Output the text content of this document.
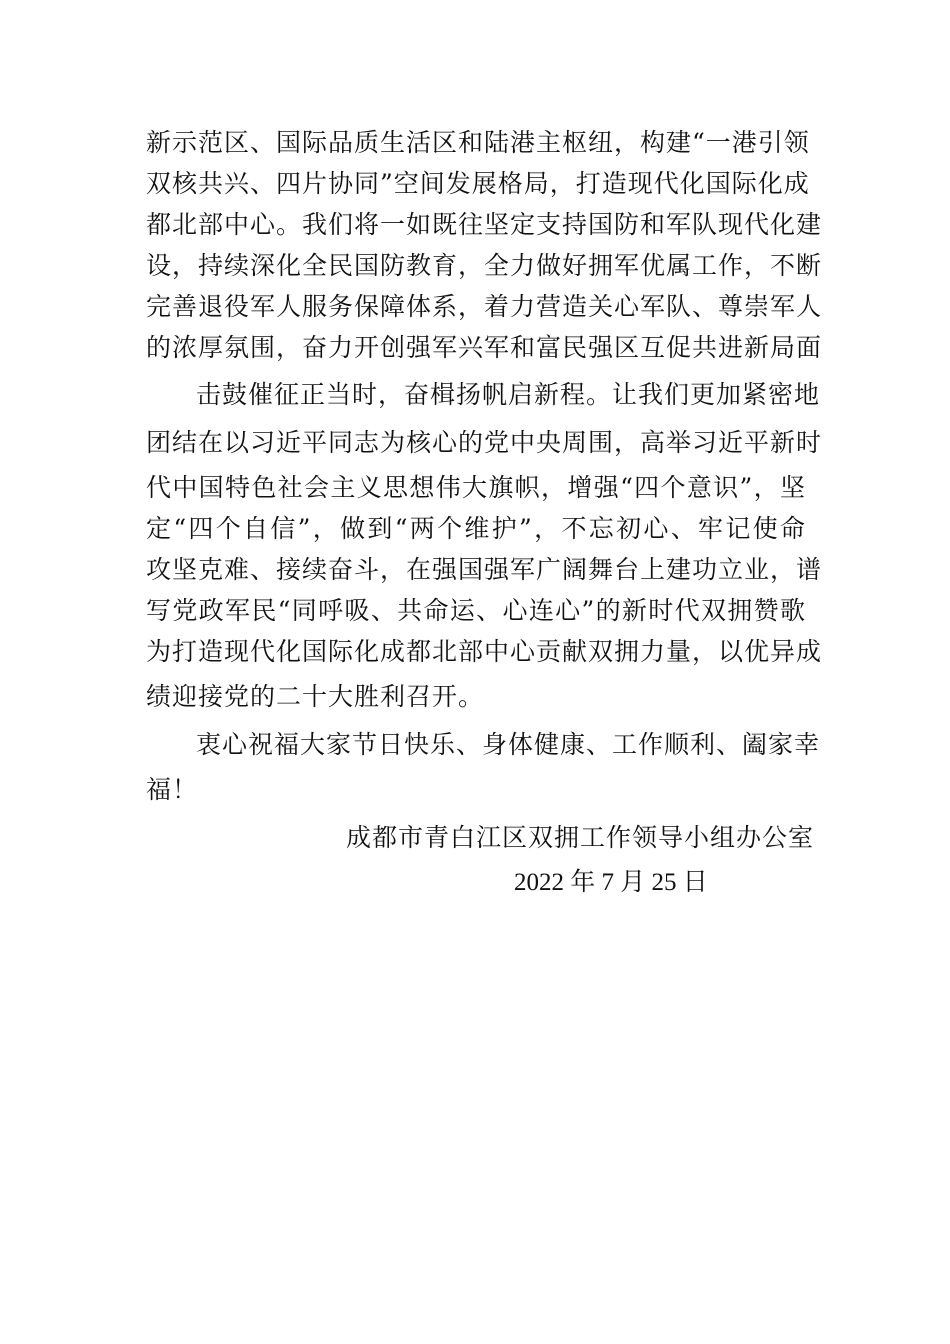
新示范区、国际品质生活区和陆港主枢纽，构建“一港引领
双核共兴、四片协同”空间发展格局，打造现代化国际化成
都北部中心。我们将一如既往坚定支持国防和军队现代化建
设，持续深化全民国防教育，全力做好拥军优属工作，不断
完善退役军人服务保障体系，着力营造关心军队、尊崇军人
的浓厚氛围，奋力开创强军兴军和富民强区互促共进新局面
击鼓催征正当时，奋楫扬帆启新程。让我们更加紧密地
团结在以习近平同志为核心的党中央周围，高举习近平新时
代中国特色社会主义思想伟大旗帜，增强“四个意识”，坚
定“四个自信”，做到“两个维护”，不忘初心、牢记使命
攻坚克难、接续奋斗，在强国强军广阔舞台上建功立业，谱
写党政军民“同呼吸、共命运、心连心”的新时代双拥赞歌
为打造现代化国际化成都北部中心贡献双拥力量，以优异成
绩迎接党的二十大胜利召开。
衷心祝福大家节日快乐、身体健康、工作顺利、阖家幸
福！
成都市青白江区双拥工作领导小组办公室
2022 年 7 月 25 日
